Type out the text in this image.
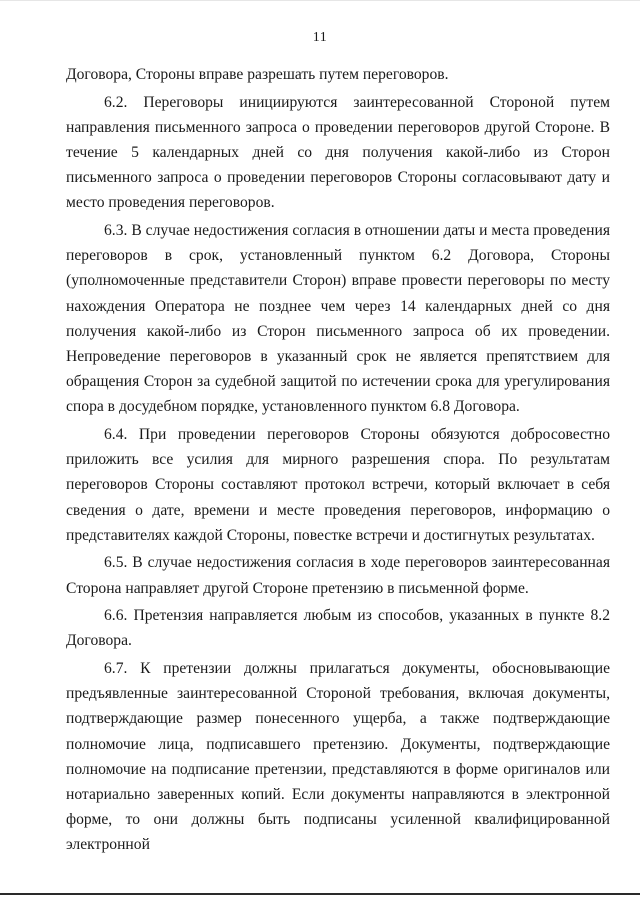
11

Договора, Стороны вправе разрешать путем переговоров.

6.2. Переговоры инициируются заинтересованной Стороной путем направления письменного запроса о проведении переговоров другой Стороне. В течение 5 календарных дней со дня получения какой-либо из Сторон письменного запроса о проведении переговоров Стороны согласовывают дату и место проведения переговоров.

6.3. В случае недостижения согласия в отношении даты и места проведения переговоров в срок, установленный пунктом 6.2 Договора, Стороны (уполномоченные представители Сторон) вправе провести переговоры по месту нахождения Оператора не позднее чем через 14 календарных дней со дня получения какой-либо из Сторон письменного запроса об их проведении. Непроведение переговоров в указанный срок не является препятствием для обращения Сторон за судебной защитой по истечении срока для урегулирования спора в досудебном порядке, установленного пунктом 6.8 Договора.

6.4. При проведении переговоров Стороны обязуются добросовестно приложить все усилия для мирного разрешения спора. По результатам переговоров Стороны составляют протокол встречи, который включает в себя сведения о дате, времени и месте проведения переговоров, информацию о представителях каждой Стороны, повестке встречи и достигнутых результатах.

6.5. В случае недостижения согласия в ходе переговоров заинтересованная Сторона направляет другой Стороне претензию в письменной форме.

6.6. Претензия направляется любым из способов, указанных в пункте 8.2 Договора.

6.7. К претензии должны прилагаться документы, обосновывающие предъявленные заинтересованной Стороной требования, включая документы, подтверждающие размер понесенного ущерба, а также подтверждающие полномочие лица, подписавшего претензию. Документы, подтверждающие полномочие на подписание претензии, представляются в форме оригиналов или нотариально заверенных копий. Если документы направляются в электронной форме, то они должны быть подписаны усиленной квалифицированной электронной
